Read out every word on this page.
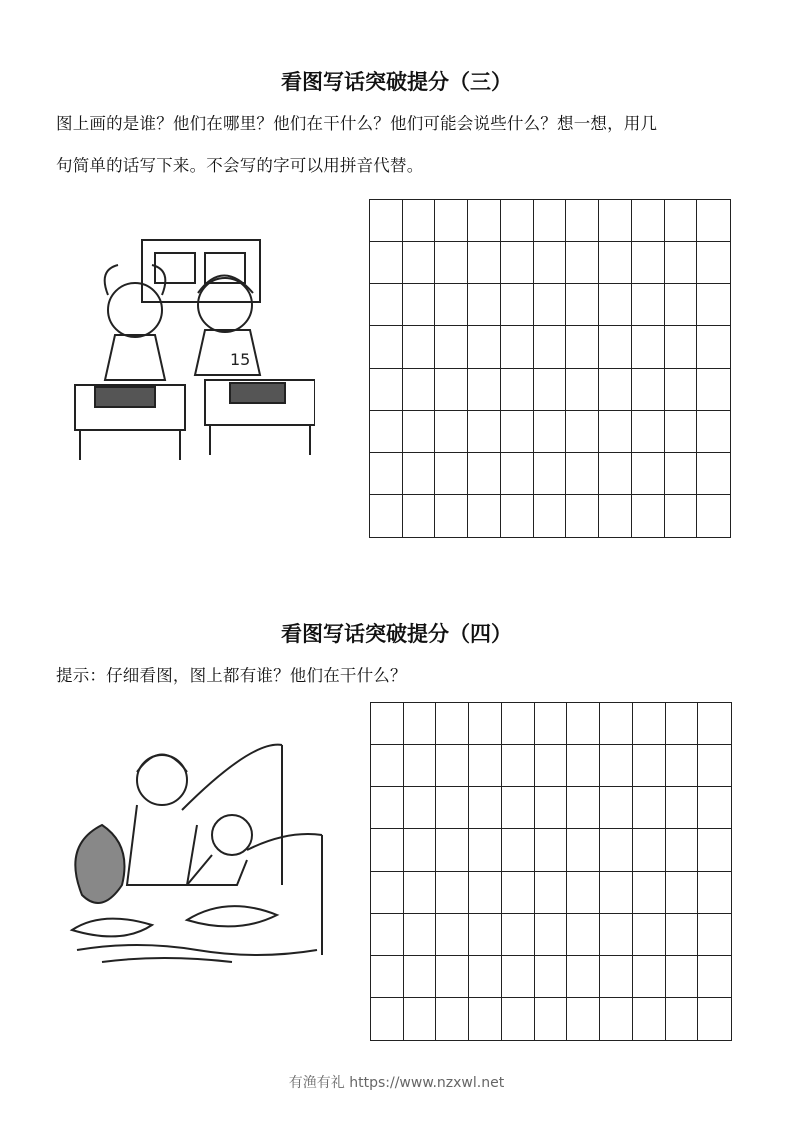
看图写话突破提分（三）
图上画的是谁？他们在哪里？他们在干什么？他们可能会说些什么？想一想，用几
句简单的话写下来。不会写的字可以用拼音代替。
15
看图写话突破提分（四）
提示：仔细看图，图上都有谁？他们在干什么？
有渔有礼 https://www.nzxwl.net
